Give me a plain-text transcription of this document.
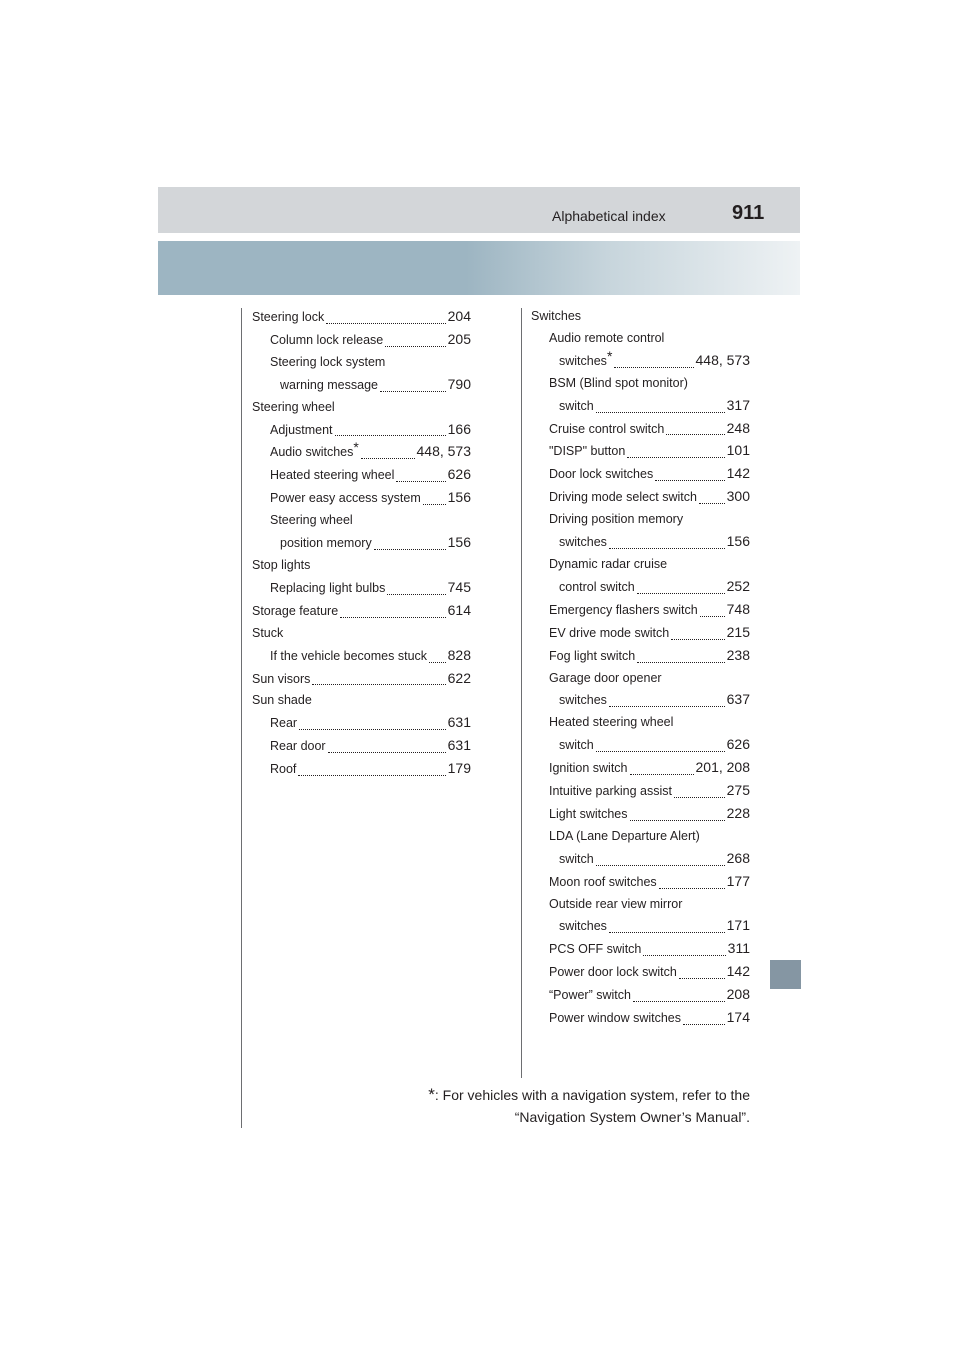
Alphabetical index	911
Steering lock	204
Column lock release	205
Steering lock system
warning message	790
Steering wheel
Adjustment	166
Audio switches*	448, 573
Heated steering wheel	626
Power easy access system 156
Steering wheel
position memory	156
Stop lights
Replacing light bulbs	745
Storage feature	614
Stuck
If the vehicle becomes stuck 828
Sun visors	622
Sun shade
Rear	631
Rear door	631
Roof	179
Switches
Audio remote control
switches*	448, 573
BSM (Blind spot monitor)
switch	317
Cruise control switch	248
"DISP" button	101
Door lock switches	142
Driving mode select switch 300
Driving position memory
switches	156
Dynamic radar cruise
control switch	252
Emergency flashers switch 748
EV drive mode switch	215
Fog light switch	238
Garage door opener
switches	637
Heated steering wheel
switch	626
Ignition switch	201, 208
Intuitive parking assist	275
Light switches	228
LDA (Lane Departure Alert)
switch	268
Moon roof switches	177
Outside rear view mirror
switches	171
PCS OFF switch	311
Power door lock switch	142
“Power” switch	208
Power window switches	174
*: For vehicles with a navigation system, refer to the
“Navigation System Owner’s Manual”.
